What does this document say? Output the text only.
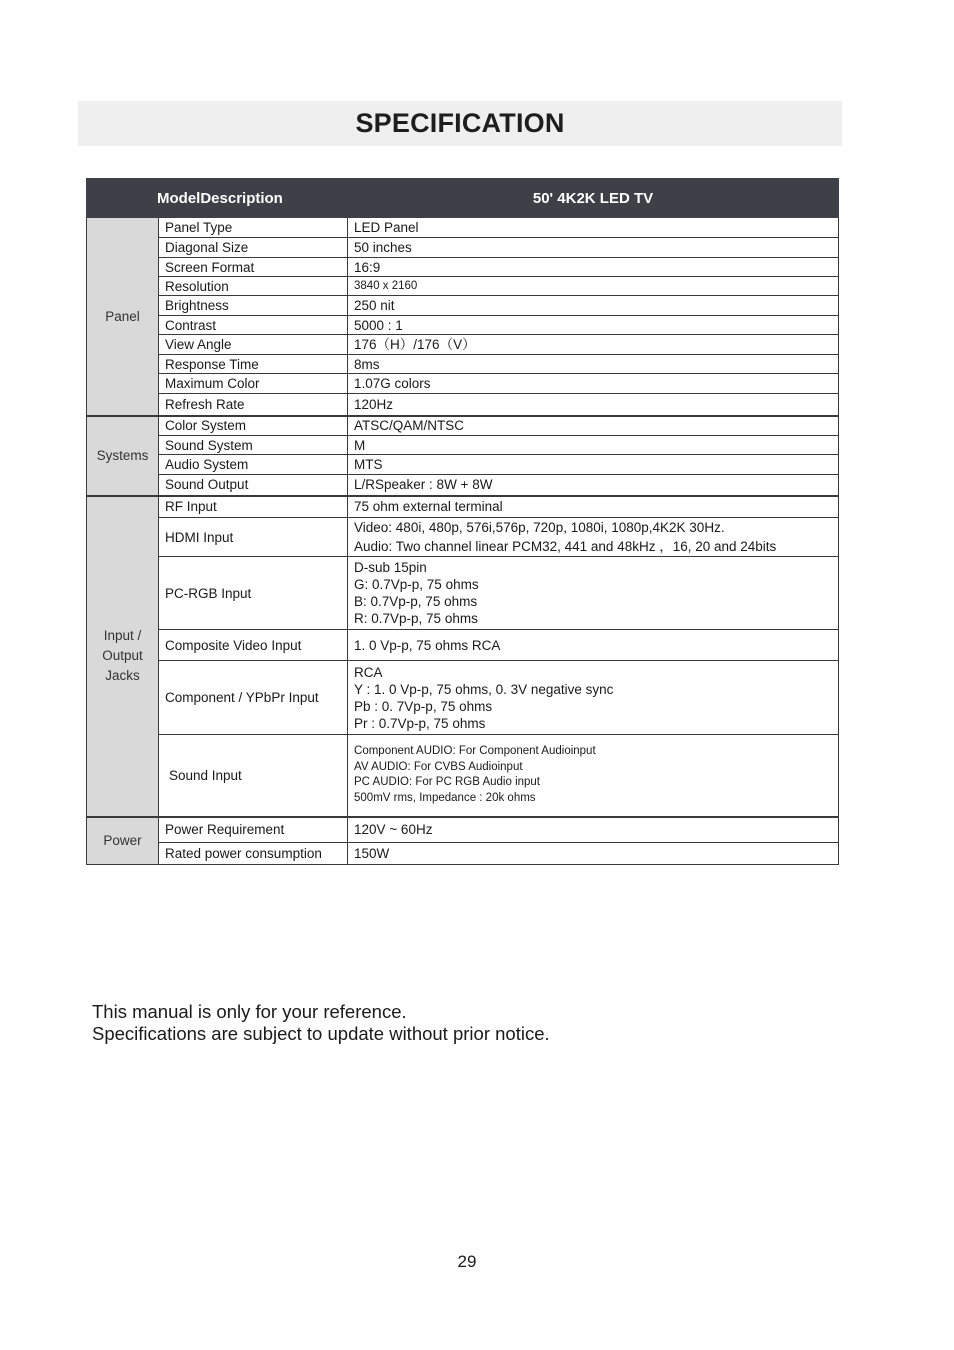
SPECIFICATION
ModelDescription		50' 4K2K LED TV
Panel	Panel Type	LED Panel
	Diagonal Size	50 inches
	Screen Format	16:9
	Resolution	3840 x 2160
	Brightness	250 nit
	Contrast	5000 : 1
	View Angle	176（H）/176（V）
	Response Time	8ms
	Maximum Color	1.07G colors
	Refresh Rate	120Hz
Systems	Color System	ATSC/QAM/NTSC
	Sound System	M
	Audio System	MTS
	Sound Output	L/RSpeaker : 8W + 8W

Input /
Output
Jacks	RF Input	75 ohm external terminal
	HDMI Input	Video: 480i, 480p, 576i,576p, 720p, 1080i, 1080p,4K2K 30Hz.
Audio: Two channel linear PCM32, 441 and 48kHz ，16, 20 and 24bits

	PC-RGB Input	D-sub 15pin
G: 0.7Vp-p, 75 ohms
B: 0.7Vp-p, 75 ohms
R: 0.7Vp-p, 75 ohms

	Composite Video Input	1. 0 Vp-p, 75 ohms RCA
	Component / YPbPr Input	RCA
Y : 1. 0 Vp-p, 75 ohms, 0. 3V negative sync
Pb : 0. 7Vp-p, 75 ohms
Pr : 0.7Vp-p, 75 ohms

	Sound Input	Component AUDIO: For Component Audioinput
AV AUDIO: For CVBS Audioinput
PC AUDIO: For PC RGB Audio input
500mV rms, Impedance : 20k ohms

Power	Power Requirement	120V ~ 60Hz
	Rated power consumption	150W
This manual is only for your reference.
Specifications are subject to update without prior notice.
29
